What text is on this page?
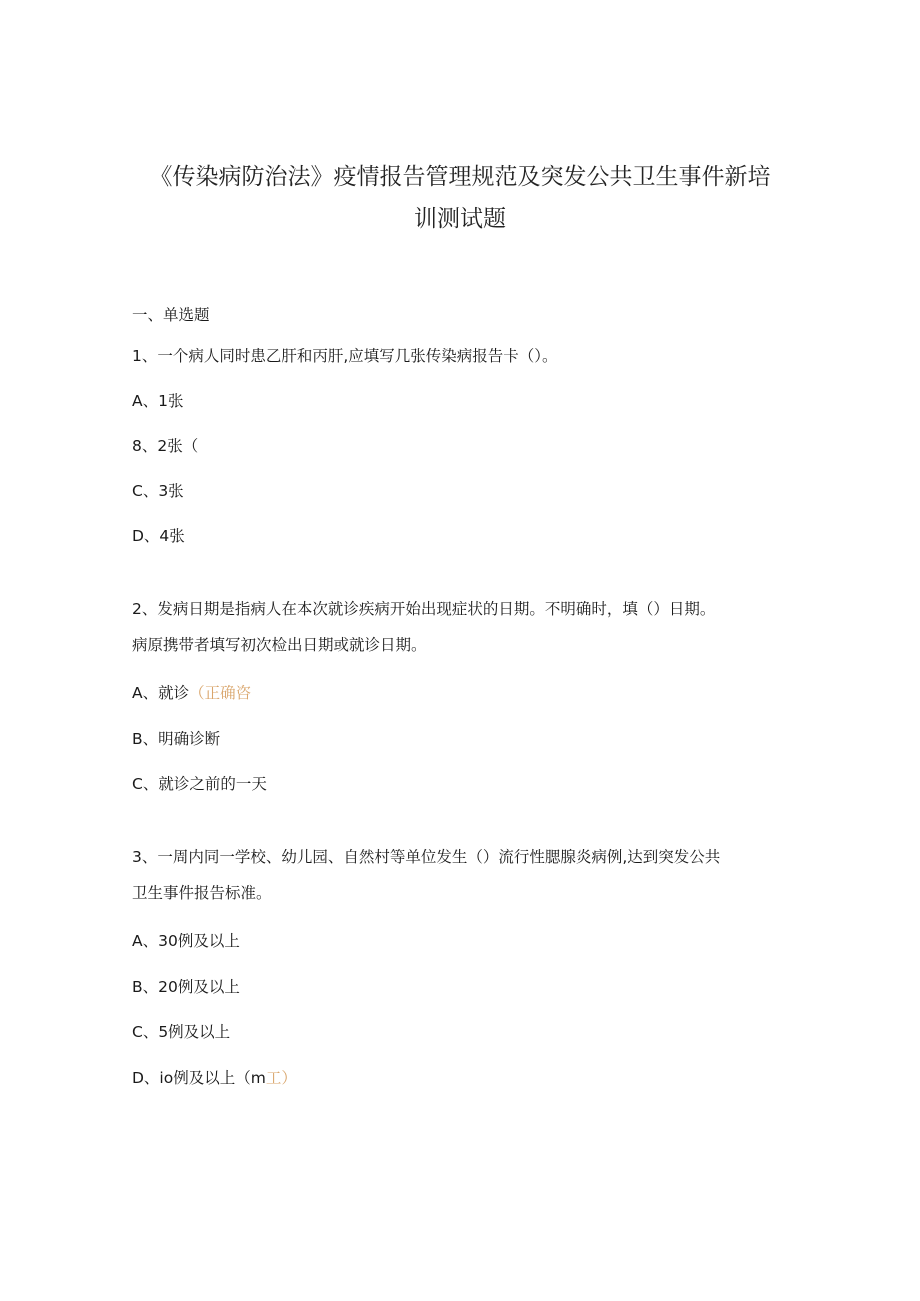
《传染病防治法》疫情报告管理规范及突发公共卫生事件新培
训测试题
一、单选题
1、一个病人同时患乙肝和丙肝,应填写几张传染病报告卡（）。
A、1张
8、2张（
C、3张
D、4张
2、发病日期是指病人在本次就诊疾病开始出现症状的日期。不明确时，填（）日期。
病原携带者填写初次检出日期或就诊日期。
A、就诊（正确咨
B、明确诊断
C、就诊之前的一天
3、一周内同一学校、幼儿园、自然村等单位发生（）流行性腮腺炎病例,达到突发公共
卫生事件报告标准。
A、30例及以上
B、20例及以上
C、5例及以上
D、io例及以上（m工）
